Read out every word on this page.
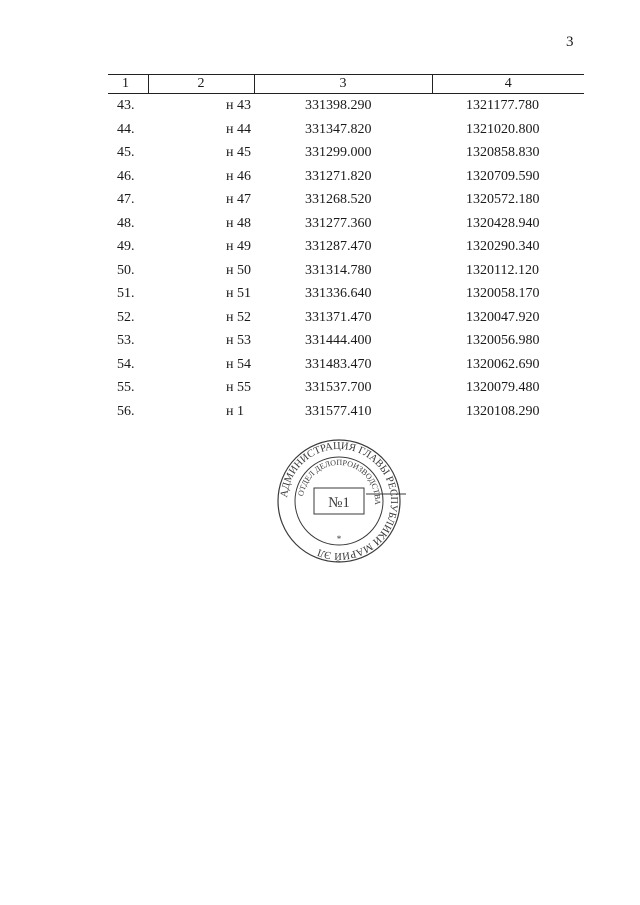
3
1	2	3	4
43.	н 43	331398.290	1321177.780
44.	н 44	331347.820	1321020.800
45.	н 45	331299.000	1320858.830
46.	н 46	331271.820	1320709.590
47.	н 47	331268.520	1320572.180
48.	н 48	331277.360	1320428.940
49.	н 49	331287.470	1320290.340
50.	н 50	331314.780	1320112.120
51.	н 51	331336.640	1320058.170
52.	н 52	331371.470	1320047.920
53.	н 53	331444.400	1320056.980
54.	н 54	331483.470	1320062.690
55.	н 55	331537.700	1320079.480
56.	н 1	331577.410	1320108.290
АДМИНИСТРАЦИЯ ГЛАВЫ РЕСПУБЛИКИ МАРИЙ ЭЛ
ОТДЕЛ ДЕЛОПРОИЗВОДСТВА
№1
*
